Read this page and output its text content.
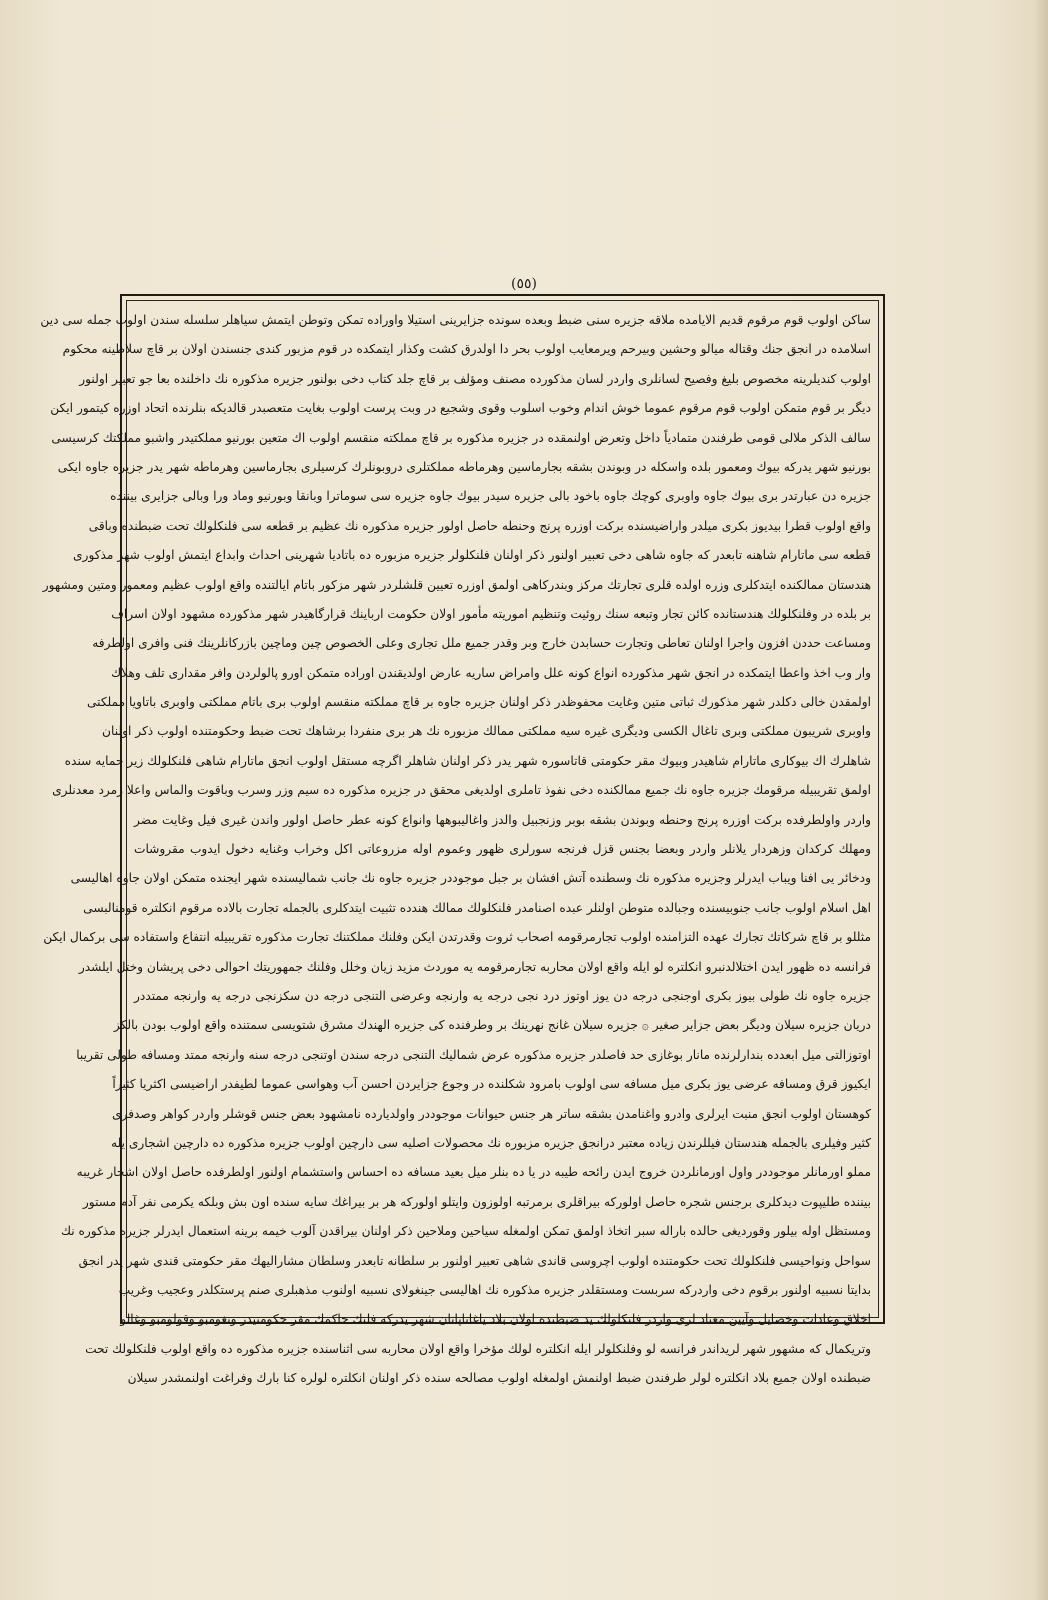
(٥٥)
ساكن اولوب قوم مرقوم قديم الايامده ملاقه جزيره سنى ضبط وبعده سونده جزايرينى استيلا واوراده تمكن وتوطن ايتمش سياهلر سلسله سندن اولوب جمله سى دين
اسلامده در انجق جنك وقتاله ميالو وحشين وبيرحم ويرمعايب اولوب بحر دا اولدرق كشت وكذار ايتمكده در قوم مزبور كندى جنسندن اولان بر قاچ سلاطينه محكوم
اولوب كنديلرينه مخصوص بليغ وفصيح لسانلرى واردر لسان مذكورده مصنف ومؤلف بر قاچ جلد كتاب دخى بولنور جزيره مذكوره نك داخلنده بعا جو تعبير اولنور
ديگر بر قوم متمكن اولوب قوم مرقوم عموما خوش اندام وخوب اسلوب وقوى وشجيع در وبت پرست اولوب بغايت متعصبدر قالديكه بنلرنده اتحاد اوزره كيتمور ايكن
سالف الذكر ملالى قومى طرفندن متمادياً داخل وتعرض اولنمقده در جزيره مذكوره بر قاچ مملكته منقسم اولوب اك متعين بورنيو مملكتيدر واشبو مملكتك كرسيسى
بورنيو شهر يدركه بيوك ومعمور بلده واسكله در وبوندن بشقه بجارماسين وهرماطه مملكتلرى دروبونلرك كرسيلرى بجارماسين وهرماطه شهر يدر جزيره جاوه ايكى
جزيره دن عبارتدر برى بيوك جاوه واوبرى كوچك جاوه باخود بالى جزيره سيدر بيوك جاوه جزيره سى سوماترا وبانقا وبورنيو وماد ورا وبالى جزايرى بيننده
واقع اولوب قطرا بيديوز بكرى ميلدر واراضيسنده بركت اوزره پرنج وحنطه حاصل اولور جزيره مذكوره نك عظيم بر قطعه سى فلنكلولك تحت ضبطنده وباقى
قطعه سى ماتارام شاهنه تابعدر كه جاوه شاهى دخى تعبير اولنور ذكر اولنان فلنكلولر جزيره مزبوره ده باتاديا شهرينى احداث وابداع ايتمش اولوب شهر مذكورى
هندستان ممالكنده ايتدكلرى وزره اولده قلرى تجارتك مركز وبندركاهى اولمق اوزره تعيين قلشلردر شهر مزكور باتام ايالتنده واقع اولوب عظيم ومعمور ومتين ومشهور
بر بلده در وفلنكلولك هندستانده كائن تجار وتبعه سنك روئيت وتنظيم اموريته مأمور اولان حكومت ارباينك قرارگاهيدر شهر مذكورده مشهود اولان اسراف
ومساعت حددن افزون واجرا اولنان تعاطى وتجارت حسابدن خارج وبر وقدر جميع ملل تجارى وعلى الخصوص چين وماچين بازركانلرينك فنى وافرى اولطرفه
وار وب اخذ واعطا ايتمكده در انجق شهر مذكورده انواع كونه علل وامراض ساريه عارض اولديقندن اوراده متمكن اورو پالولردن وافر مقدارى تلف وهلاك
اولمقدن خالى دكلدر شهر مذكورك ثباتى متين وغايت محفوظدر ذكر اولنان جزيره جاوه بر قاچ مملكته منقسم اولوب برى باتام مملكتى واوبرى باتاويا مملكتى
واوبرى شريبون مملكتى وبرى تاغال الكسى وديگرى غيره سيه مملكتى ممالك مزبوره نك هر برى منفردا برشاهك تحت ضبط وحكومتنده اولوب ذكر اولنان
شاهلرك اك بيوكارى ماتارام شاهيدر وبيوك مقر حكومتى قاتاسوره شهر يدر ذكر اولنان شاهلر اگرچه مستقل اولوب انجق ماتارام شاهى فلنكلولك زير حمايه سنده
اولمق تقريبيله مرقومك جزيره جاوه نك جميع ممالكنده دخى نفوذ تاملرى اولديغى محقق در جزيره مذكوره ده سيم وزر وسرب وباقوت والماس واعلا زمرد معدنلرى
واردر واولطرفده بركت اوزره پرنج وحنطه وبوندن بشقه بوبر وزنجبيل والدز واغاليبوهها وانواع كونه عطر حاصل اولور واندن غيرى فيل وغايت مضر
ومهلك كركدان وزهردار يلانلر واردر وبعضا بجنس قزل فرنجه سورلرى ظهور وعموم اوله مزروعاتى اكل وخراب وغنايه دخول ايدوب مقروشات
ودخائر يى افنا ويباب ايدرلر وجزيره مذكوره نك وسطنده آتش افشان بر جبل موجوددر جزيره جاوه نك جانب شماليسنده شهر ايجنده متمكن اولان جاوه اهاليسى
اهل اسلام اولوب جانب جنوبيسنده وجبالده متوطن اولنلر عبده اصنامدر فلنكلولك ممالك هندده تثبيت ايتدكلرى بالجمله تجارت بالاده مرقوم انكلتره قومنالبسى
مثللو بر قاچ شركاتك تجارك عهده التزامنده اولوب تجارمرقومه اصحاب ثروت وقدرتدن ايكن وفلنك مملكتنك تجارت مذكوره تقريبيله انتفاع واستفاده سى بركمال ايكن
فرانسه ده ظهور ايدن اختلالدنبرو انكلتره لو ايله واقع اولان محاربه تجارمرقومه يه موردث مزيد زيان وخلل وفلنك جمهوريتك احوالى دخى پريشان وختل ايلشدر
جزيره جاوه نك طولى بيوز بكرى اوجنجى درجه دن يوز اوتوز درد نجى درجه يه وارنجه وعرضى التنجى درجه دن سكزنجى درجه يه وارنجه ممتددر
دريان جزيره سيلان ودیگر بعض جزاير صغير ۞ جزيره سيلان غانج نهرينك بر وطرفنده كى جزيره الهندك مشرق شتويسى سمتنده واقع اولوب بودن بالكز
اوتوزالتى ميل ابعدده بندارلرنده مانار بوغازى حد فاصلدر جزيره مذكوره عرض شماليك التنجى درجه سندن اوتنجى درجه سنه وارنجه ممتد ومسافه طولى تقريبا
ايكيوز قرق ومسافه عرضى يوز بكرى ميل مسافه سى اولوب بامرود شكلنده در وجوع جزايردن احسن آب وهواسى عموما لطيفدر اراضيسى اكثريا كثيراً
كوهستان اولوب انجق منبت ايرلرى وادرو واغنامدن بشقه ساتر هر جنس حيوانات موجوددر واولديارده نامشهود بعض جنس قوشلر واردر كواهر وصدفرى
كثير وفيلرى بالجمله هندستان فيللرندن زياده معتبر درانجق جزيره مزبوره نك محصولات اصليه سى دارچين اولوب جزيره مذكوره ده دارچين اشجارى يله
مملو اورمانلر موجوددر واول اورمانلردن خروج ايدن رائحه طيبه در يا ده بنلر ميل بعيد مسافه ده احساس واستشمام اولنور اولطرفده حاصل اولان اشجار غريبه
بيننده طليپوت ديدكلرى برجنس شجره حاصل اولوركه بيراقلرى برمرتبه اولوزون وايتلو اولوركه هر بر بيراغك سايه سنده اون بش وبلكه يكرمى نفر آدم مستور
ومستظل اوله بيلور وقورديغى حالده باراله سبر اتخاذ اولمق تمكن اولمغله سياحين وملاحين ذكر اولنان بيراقدن آلوب خيمه برينه استعمال ايدرلر جزيره مذكوره نك
سواحل ونواحيسى فلنكلولك تحت حكومتنده اولوب اچروسى قاندى شاهى تعبير اولنور بر سلطانه تابعدر وسلطان مشاراليهك مقر حكومتى قندى شهر يدر انجق
بدايتا نسبيه اولنور برقوم دخى واردركه سربست ومستقلدر جزيره مذكوره نك اهاليسى جينغولاى نسبيه اولنوب مذهبلرى صنم پرستكلدر وعجيب وغريب
اخلاق وعادات وخصايل وآيين معتاد لرى واردر فلنكلولك يد ضبطنده اولان بلاد ياغاناپاتان شهر يدركه فلنك حاكمك مقر حكومتيدر ونغومبو وقولومبو وغالو
وتريكمال كه مشهور شهر لريداندر فرانسه لو وفلنكلولر ايله انكلتره لولك مؤخرا واقع اولان محاربه سى اثناسنده جزيره مذكوره ده واقع اولوب فلنكلولك تحت
ضبطنده اولان جميع بلاد انكلتره لولر طرفندن ضبط اولنمش اولمغله اولوب مصالحه سنده ذكر اولنان انكلتره لولره كنا بارك وفراغت اولنمشدر سيلان
